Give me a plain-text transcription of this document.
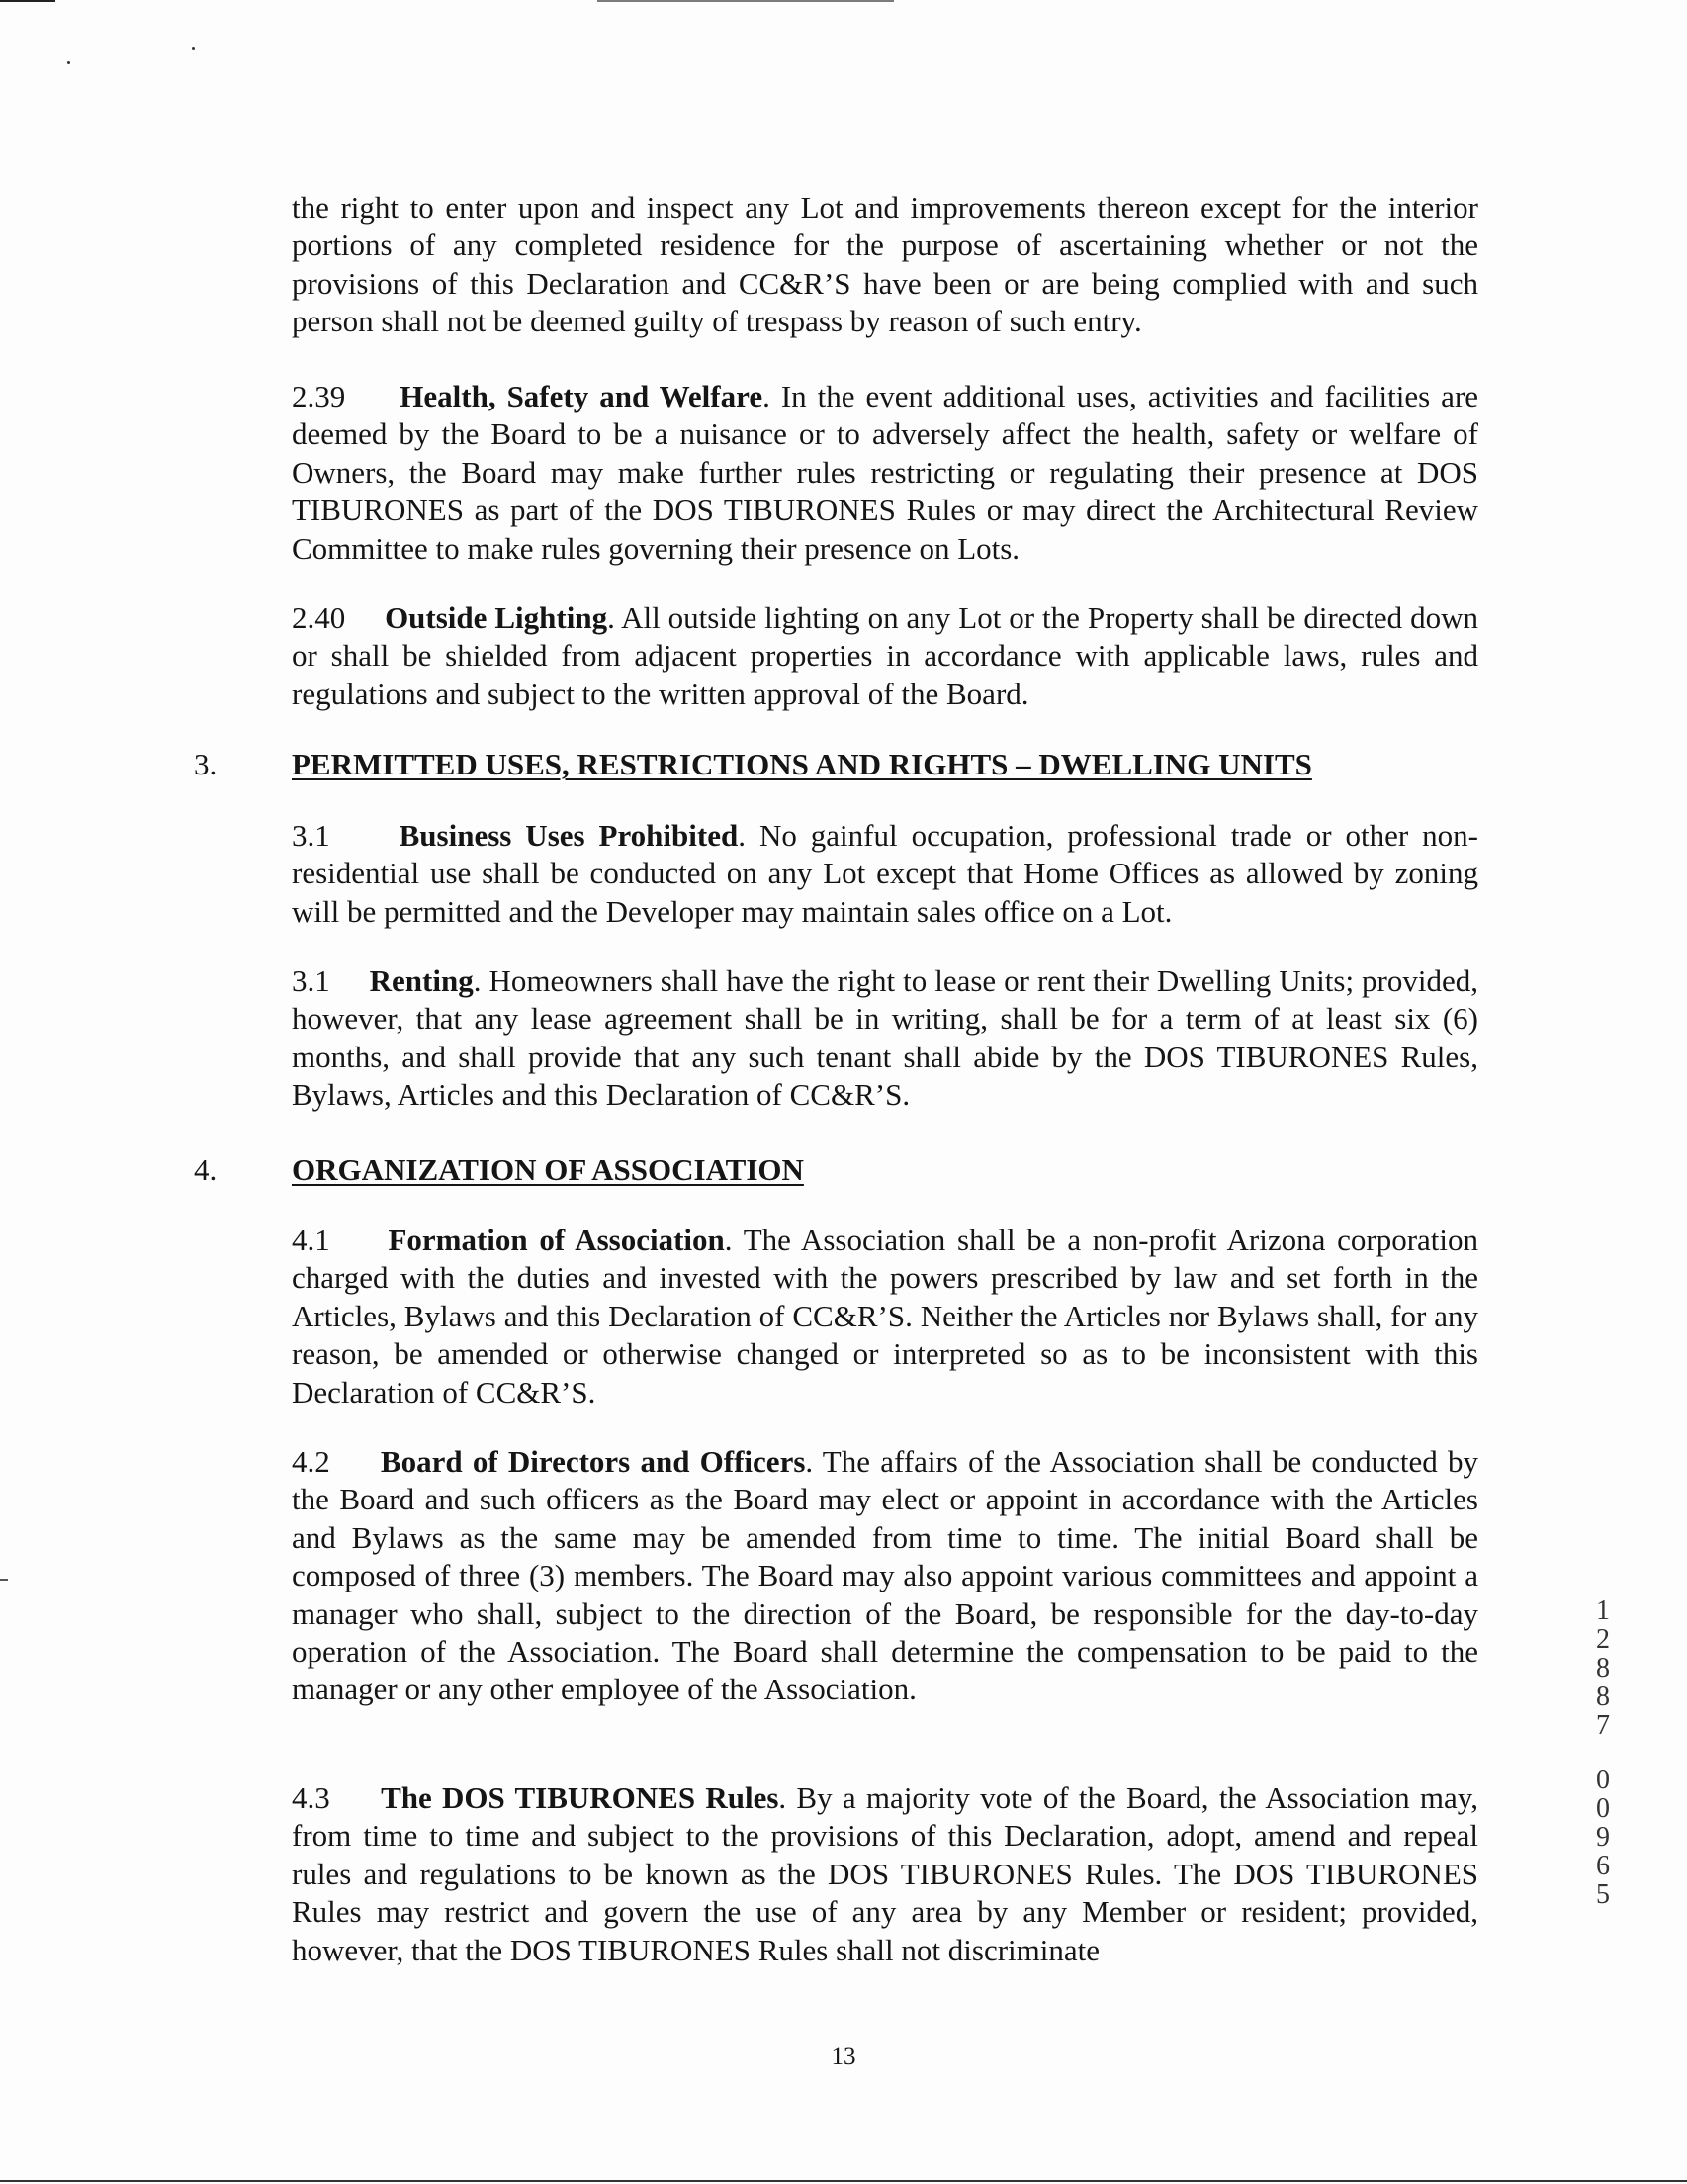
the right to enter upon and inspect any Lot and improvements thereon except for the interior portions of any completed residence for the purpose of ascertaining whether or not the provisions of this Declaration and CC&R’S have been or are being complied with and such person shall not be deemed guilty of trespass by reason of such entry.

2.39 Health, Safety and Welfare. In the event additional uses, activities and facilities are deemed by the Board to be a nuisance or to adversely affect the health, safety or welfare of Owners, the Board may make further rules restricting or regulating their presence at DOS TIBURONES as part of the DOS TIBURONES Rules or may direct the Architectural Review Committee to make rules governing their presence on Lots.

2.40 Outside Lighting. All outside lighting on any Lot or the Property shall be directed down or shall be shielded from adjacent properties in accordance with applicable laws, rules and regulations and subject to the written approval of the Board.

3. PERMITTED USES, RESTRICTIONS AND RIGHTS – DWELLING UNITS

3.1 Business Uses Prohibited. No gainful occupation, professional trade or other non-residential use shall be conducted on any Lot except that Home Offices as allowed by zoning will be permitted and the Developer may maintain sales office on a Lot.

3.1 Renting. Homeowners shall have the right to lease or rent their Dwelling Units; provided, however, that any lease agreement shall be in writing, shall be for a term of at least six (6) months, and shall provide that any such tenant shall abide by the DOS TIBURONES Rules, Bylaws, Articles and this Declaration of CC&R’S.

4. ORGANIZATION OF ASSOCIATION

4.1 Formation of Association. The Association shall be a non-profit Arizona corporation charged with the duties and invested with the powers prescribed by law and set forth in the Articles, Bylaws and this Declaration of CC&R’S. Neither the Articles nor Bylaws shall, for any reason, be amended or otherwise changed or interpreted so as to be inconsistent with this Declaration of CC&R’S.

4.2 Board of Directors and Officers. The affairs of the Association shall be conducted by the Board and such officers as the Board may elect or appoint in accordance with the Articles and Bylaws as the same may be amended from time to time. The initial Board shall be composed of three (3) members. The Board may also appoint various committees and appoint a manager who shall, subject to the direction of the Board, be responsible for the day-to-day operation of the Association. The Board shall determine the compensation to be paid to the manager or any other employee of the Association.

4.3 The DOS TIBURONES Rules. By a majority vote of the Board, the Association may, from time to time and subject to the provisions of this Declaration, adopt, amend and repeal rules and regulations to be known as the DOS TIBURONES Rules. The DOS TIBURONES Rules may restrict and govern the use of any area by any Member or resident; provided, however, that the DOS TIBURONES Rules shall not discriminate

13
1
2
8
8
7
0
0
9
6
5
